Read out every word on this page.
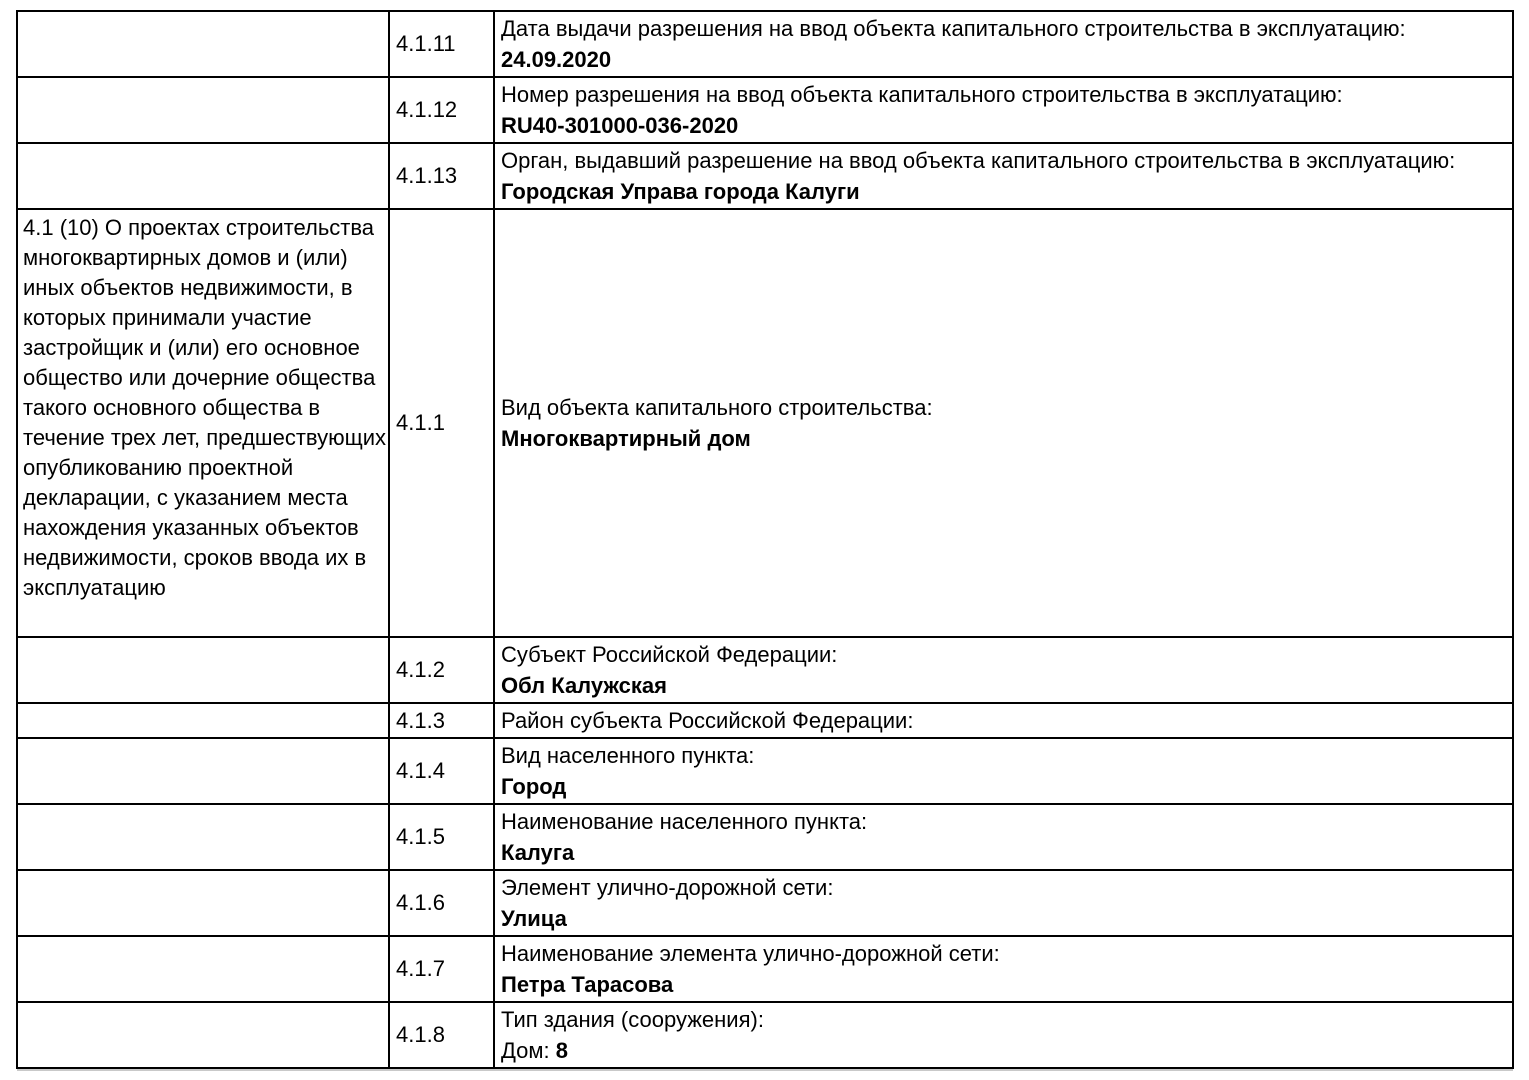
	4.1.11	Дата выдачи разрешения на ввод объекта капитального строительства в эксплуатацию:
24.09.2020

	4.1.12	Номер разрешения на ввод объекта капитального строительства в эксплуатацию:
RU40-301000-036-2020

	4.1.13	Орган, выдавший разрешение на ввод объекта капитального строительства в эксплуатацию:
Городская Управа города Калуги

4.1 (10) О проектах строительства многоквартирных домов и (или) иных объектов недвижимости, в которых принимали участие застройщик и (или) его основное общество или дочерние общества такого основного общества в течение трех лет, предшествующих опубликованию проектной декларации, с указанием места нахождения указанных объектов недвижимости, сроков ввода их в эксплуатацию	4.1.1	Вид объекта капитального строительства:
Многоквартирный дом

	4.1.2	Субъект Российской Федерации:
Обл Калужская

	4.1.3	Район субъекта Российской Федерации:

	4.1.4	Вид населенного пункта:
Город

	4.1.5	Наименование населенного пункта:
Калуга

	4.1.6	Элемент улично-дорожной сети:
Улица

	4.1.7	Наименование элемента улично-дорожной сети:
Петра Тарасова

	4.1.8	Тип здания (сооружения):
Дом: 8
